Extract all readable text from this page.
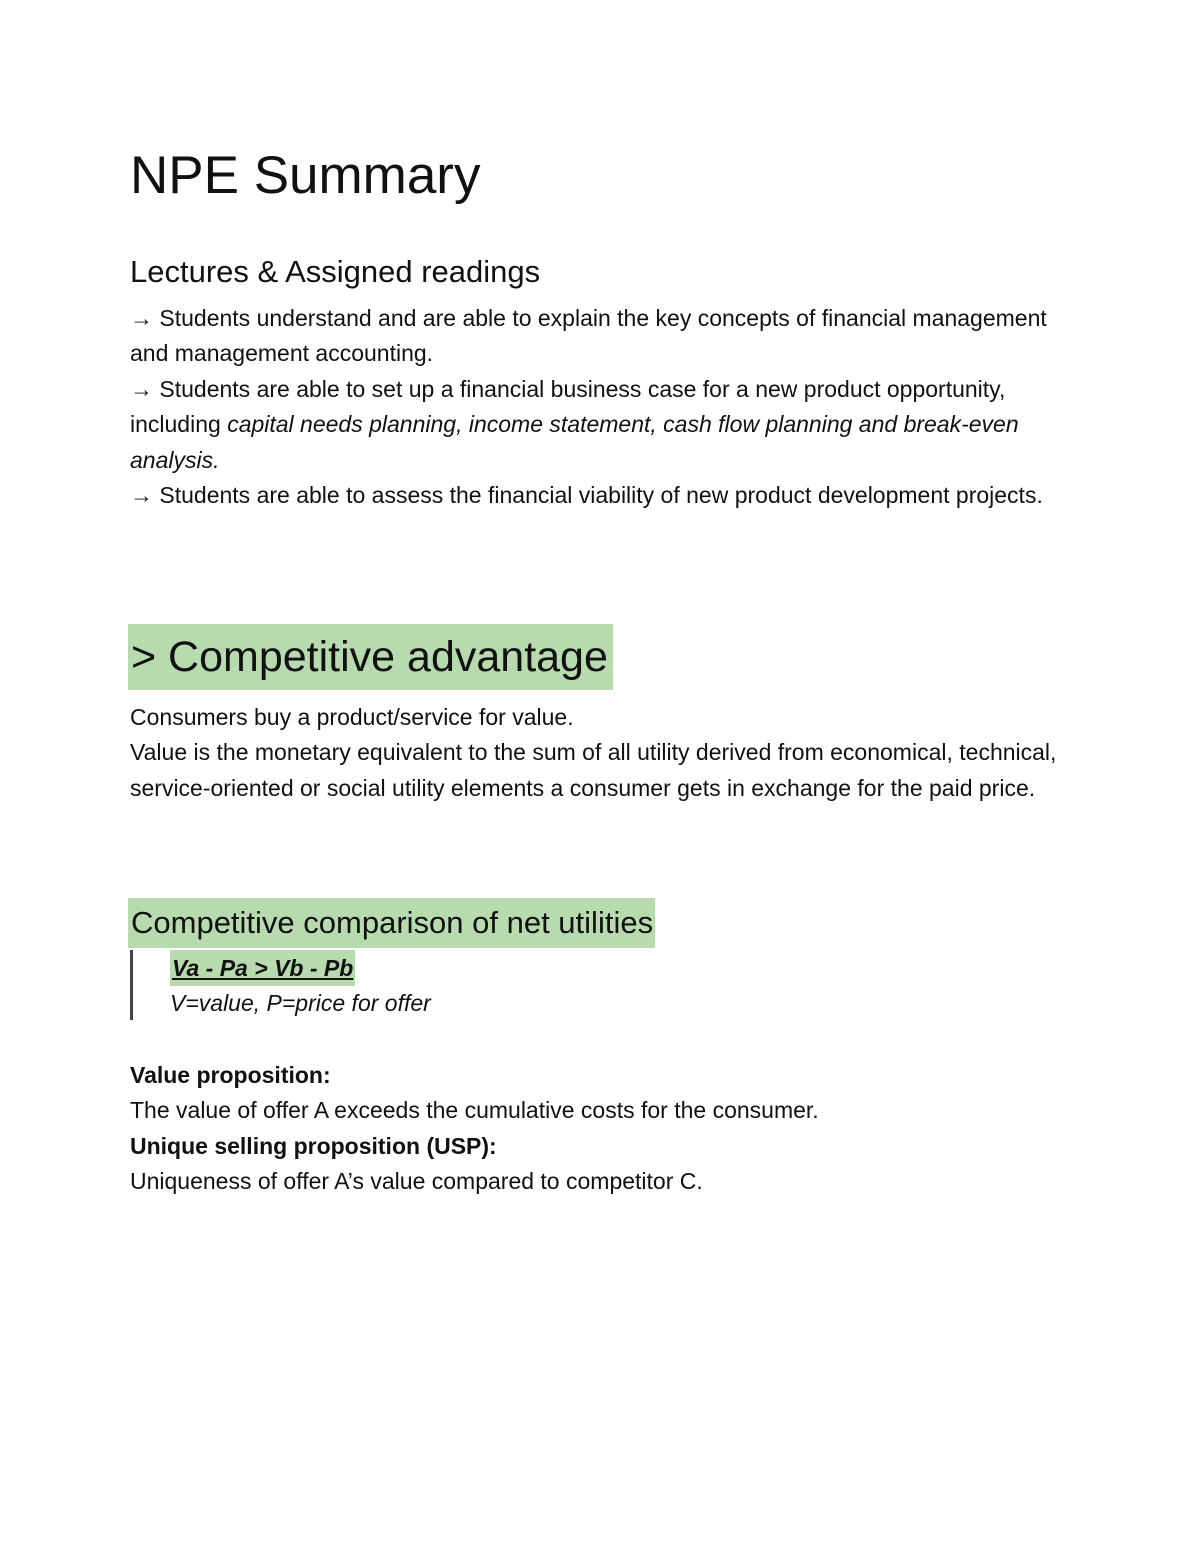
NPE Summary
Lectures & Assigned readings

→ Students understand and are able to explain the key concepts of financial management and management accounting.

→ Students are able to set up a financial business case for a new product opportunity, including capital needs planning, income statement, cash flow planning and break-even analysis.

→ Students are able to assess the financial viability of new product development projects.

> Competitive advantage

Consumers buy a product/service for value.

Value is the monetary equivalent to the sum of all utility derived from economical, technical, service-oriented or social utility elements a consumer gets in exchange for the paid price.

Competitive comparison of net utilities
Va - Pa > Vb - Pb

V=value, P=price for offer

Value proposition:

The value of offer A exceeds the cumulative costs for the consumer.

Unique selling proposition (USP):

Uniqueness of offer A’s value compared to competitor C.
